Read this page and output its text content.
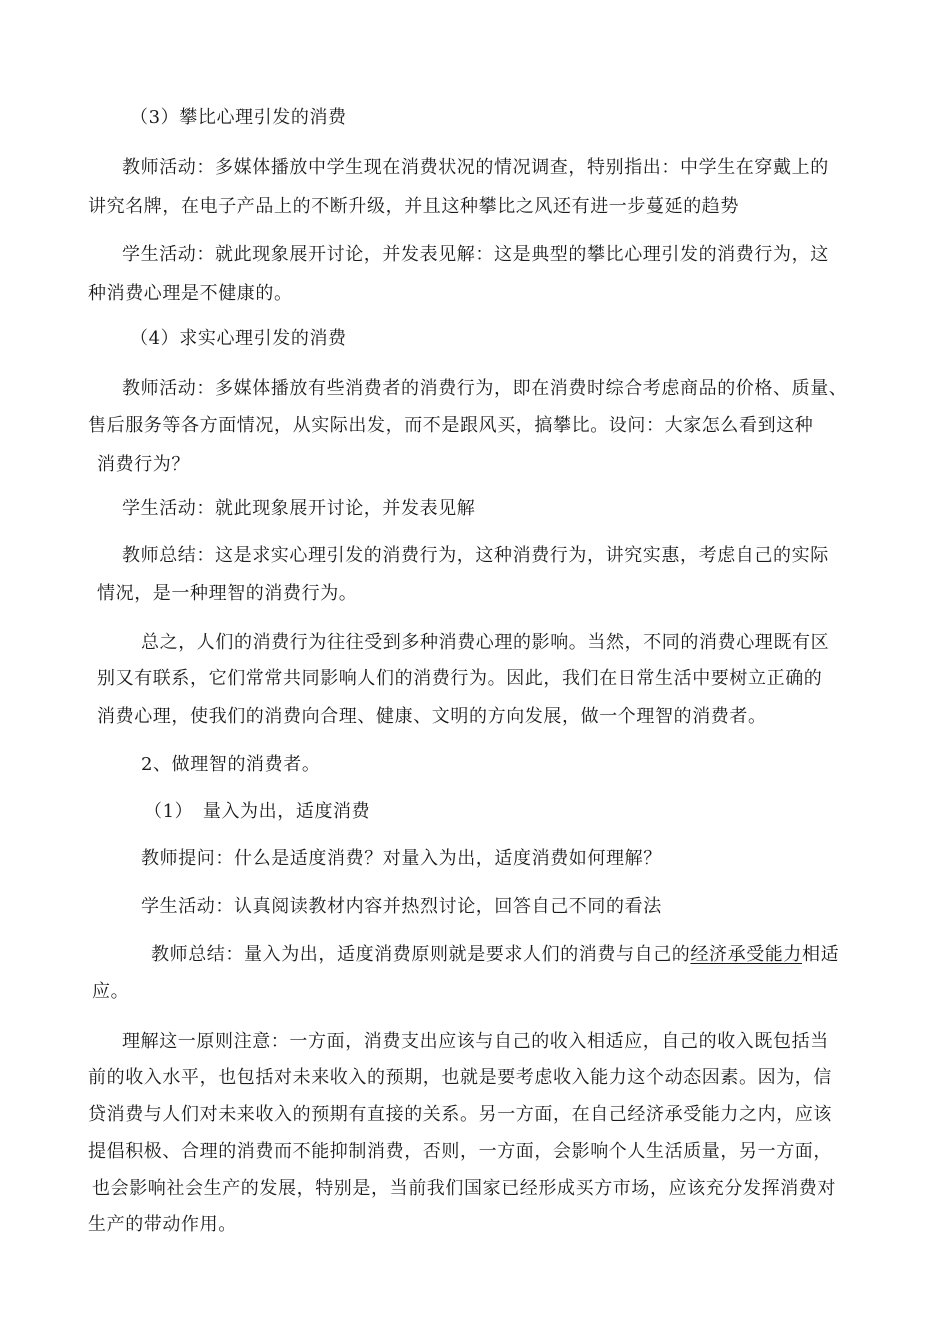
（3）攀比心理引发的消费
教师活动：多媒体播放中学生现在消费状况的情况调查，特别指出：中学生在穿戴上的
讲究名牌，在电子产品上的不断升级，并且这种攀比之风还有进一步蔓延的趋势
学生活动：就此现象展开讨论，并发表见解：这是典型的攀比心理引发的消费行为，这
种消费心理是不健康的。
（4）求实心理引发的消费
教师活动：多媒体播放有些消费者的消费行为，即在消费时综合考虑商品的价格、质量、
售后服务等各方面情况，从实际出发，而不是跟风买，搞攀比。设问：大家怎么看到这种
消费行为？
学生活动：就此现象展开讨论，并发表见解
教师总结：这是求实心理引发的消费行为，这种消费行为，讲究实惠，考虑自己的实际
情况，是一种理智的消费行为。
总之，人们的消费行为往往受到多种消费心理的影响。当然，不同的消费心理既有区
别又有联系，它们常常共同影响人们的消费行为。因此，我们在日常生活中要树立正确的
消费心理，使我们的消费向合理、健康、文明的方向发展，做一个理智的消费者。
2、做理智的消费者。
（1）　量入为出，适度消费
教师提问：什么是适度消费？对量入为出，适度消费如何理解？
学生活动：认真阅读教材内容并热烈讨论，回答自己不同的看法
教师总结：量入为出，适度消费原则就是要求人们的消费与自己的经济承受能力相适
应。
理解这一原则注意：一方面，消费支出应该与自己的收入相适应，自己的收入既包括当
前的收入水平，也包括对未来收入的预期，也就是要考虑收入能力这个动态因素。因为，信
贷消费与人们对未来收入的预期有直接的关系。另一方面，在自己经济承受能力之内，应该
提倡积极、合理的消费而不能抑制消费，否则，一方面，会影响个人生活质量，另一方面，
也会影响社会生产的发展，特别是，当前我们国家已经形成买方市场，应该充分发挥消费对
生产的带动作用。
